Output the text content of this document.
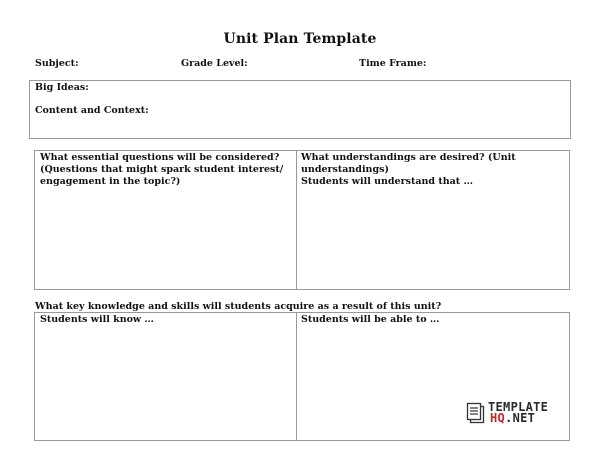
Unit Plan Template
Subject:	Grade Level:	Time Frame:
Big Ideas:
Content and Context:
What essential questions will be considered? (Questions that might spark student interest/ engagement in the topic?)
What understandings are desired? (Unit understandings)
Students will understand that …
What key knowledge and skills will students acquire as a result of this unit?
Students will know …	Students will be able to …
TEMPLATE
HQ.NET
